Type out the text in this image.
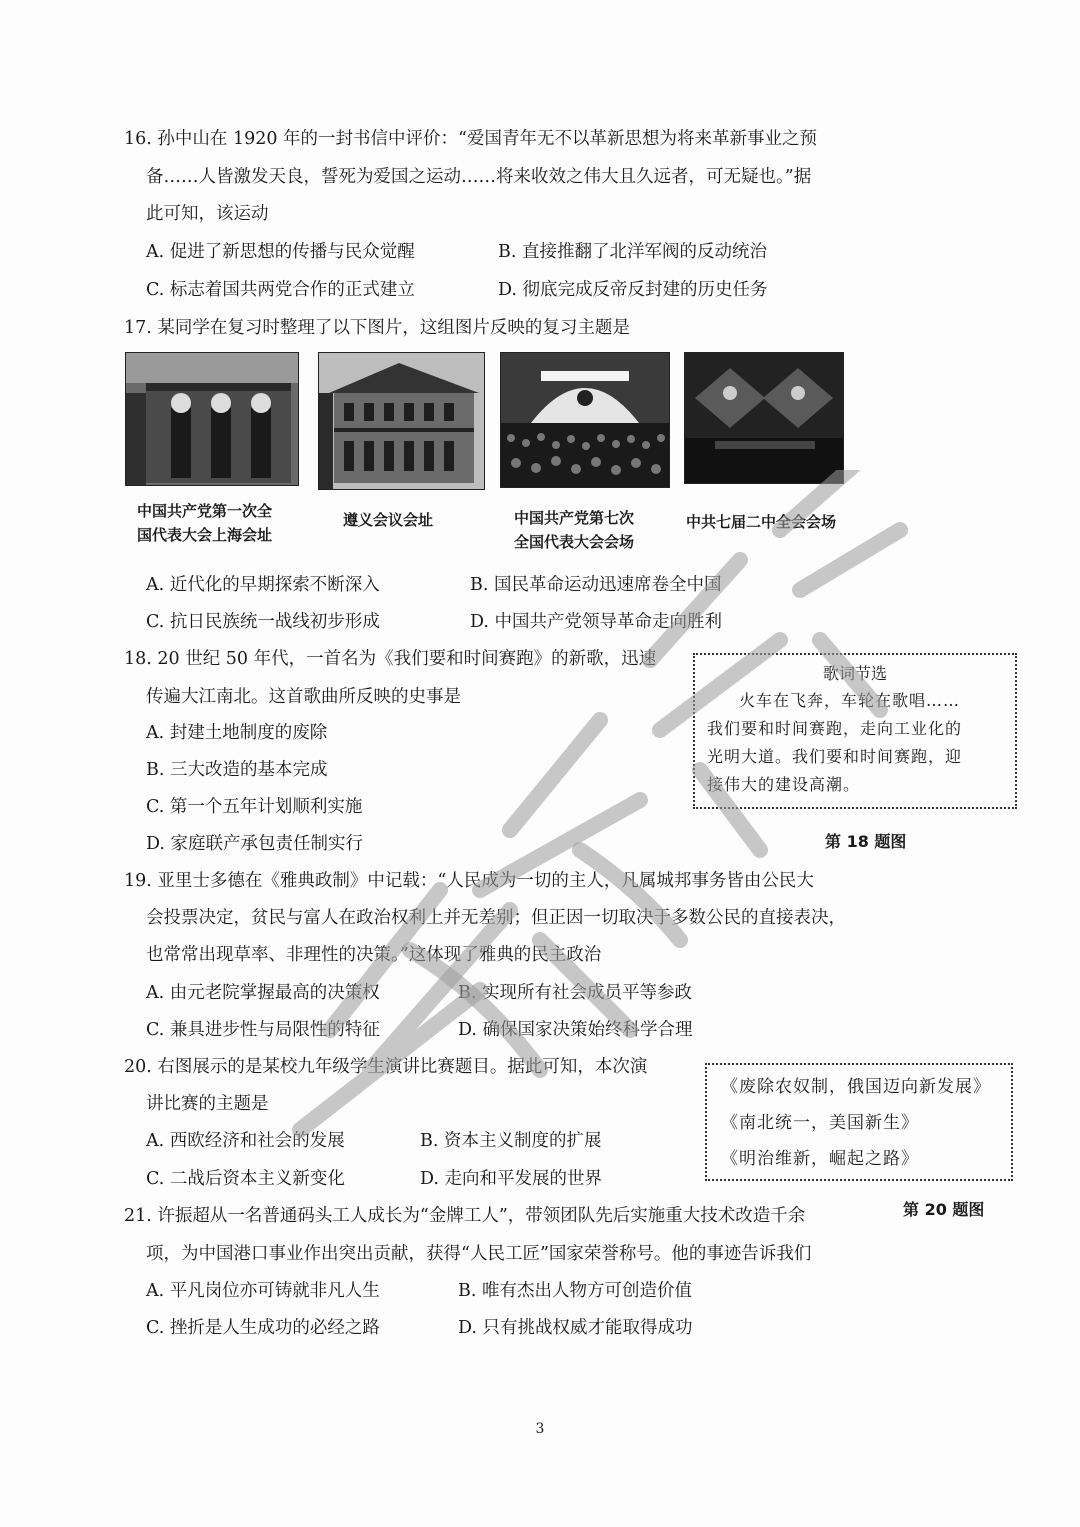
16. 孙中山在 1920 年的一封书信中评价：“爱国青年无不以革新思想为将来革新事业之预
备……人皆激发天良，誓死为爱国之运动……将来收效之伟大且久远者，可无疑也。”据
此可知，该运动
A. 促进了新思想的传播与民众觉醒	B. 直接推翻了北洋军阀的反动统治
C. 标志着国共两党合作的正式建立	D. 彻底完成反帝反封建的历史任务
17. 某同学在复习时整理了以下图片，这组图片反映的复习主题是
中国共产党第一次全
国代表大会上海会址
遵义会议会址	中国共产党第七次
全国代表大会会场
中共七届二中全会会场
A. 近代化的早期探索不断深入	B. 国民革命运动迅速席卷全中国
C. 抗日民族统一战线初步形成	D. 中国共产党领导革命走向胜利
18. 20 世纪 50 年代，一首名为《我们要和时间赛跑》的新歌，迅速
传遍大江南北。这首歌曲所反映的史事是
A. 封建土地制度的废除
B. 三大改造的基本完成
C. 第一个五年计划顺利实施
D. 家庭联产承包责任制实行
歌词节选
火车在飞奔，车轮在歌唱……
我们要和时间赛跑，走向工业化的
光明大道。我们要和时间赛跑，迎
接伟大的建设高潮。
第 18 题图
19. 亚里士多德在《雅典政制》中记载：“人民成为一切的主人，凡属城邦事务皆由公民大
会投票决定，贫民与富人在政治权利上并无差别；但正因一切取决于多数公民的直接表决，
也常常出现草率、非理性的决策。”这体现了雅典的民主政治
A. 由元老院掌握最高的决策权	B. 实现所有社会成员平等参政
C. 兼具进步性与局限性的特征	D. 确保国家决策始终科学合理
20. 右图展示的是某校九年级学生演讲比赛题目。据此可知，本次演
讲比赛的主题是
A. 西欧经济和社会的发展	B. 资本主义制度的扩展
C. 二战后资本主义新变化	D. 走向和平发展的世界
《废除农奴制，俄国迈向新发展》
《南北统一，美国新生》
《明治维新，崛起之路》
第 20 题图
21. 许振超从一名普通码头工人成长为“金牌工人”，带领团队先后实施重大技术改造千余
项，为中国港口事业作出突出贡献，获得“人民工匠”国家荣誉称号。他的事迹告诉我们
A. 平凡岗位亦可铸就非凡人生	B. 唯有杰出人物方可创造价值
C. 挫折是人生成功的必经之路	D. 只有挑战权威才能取得成功
3
